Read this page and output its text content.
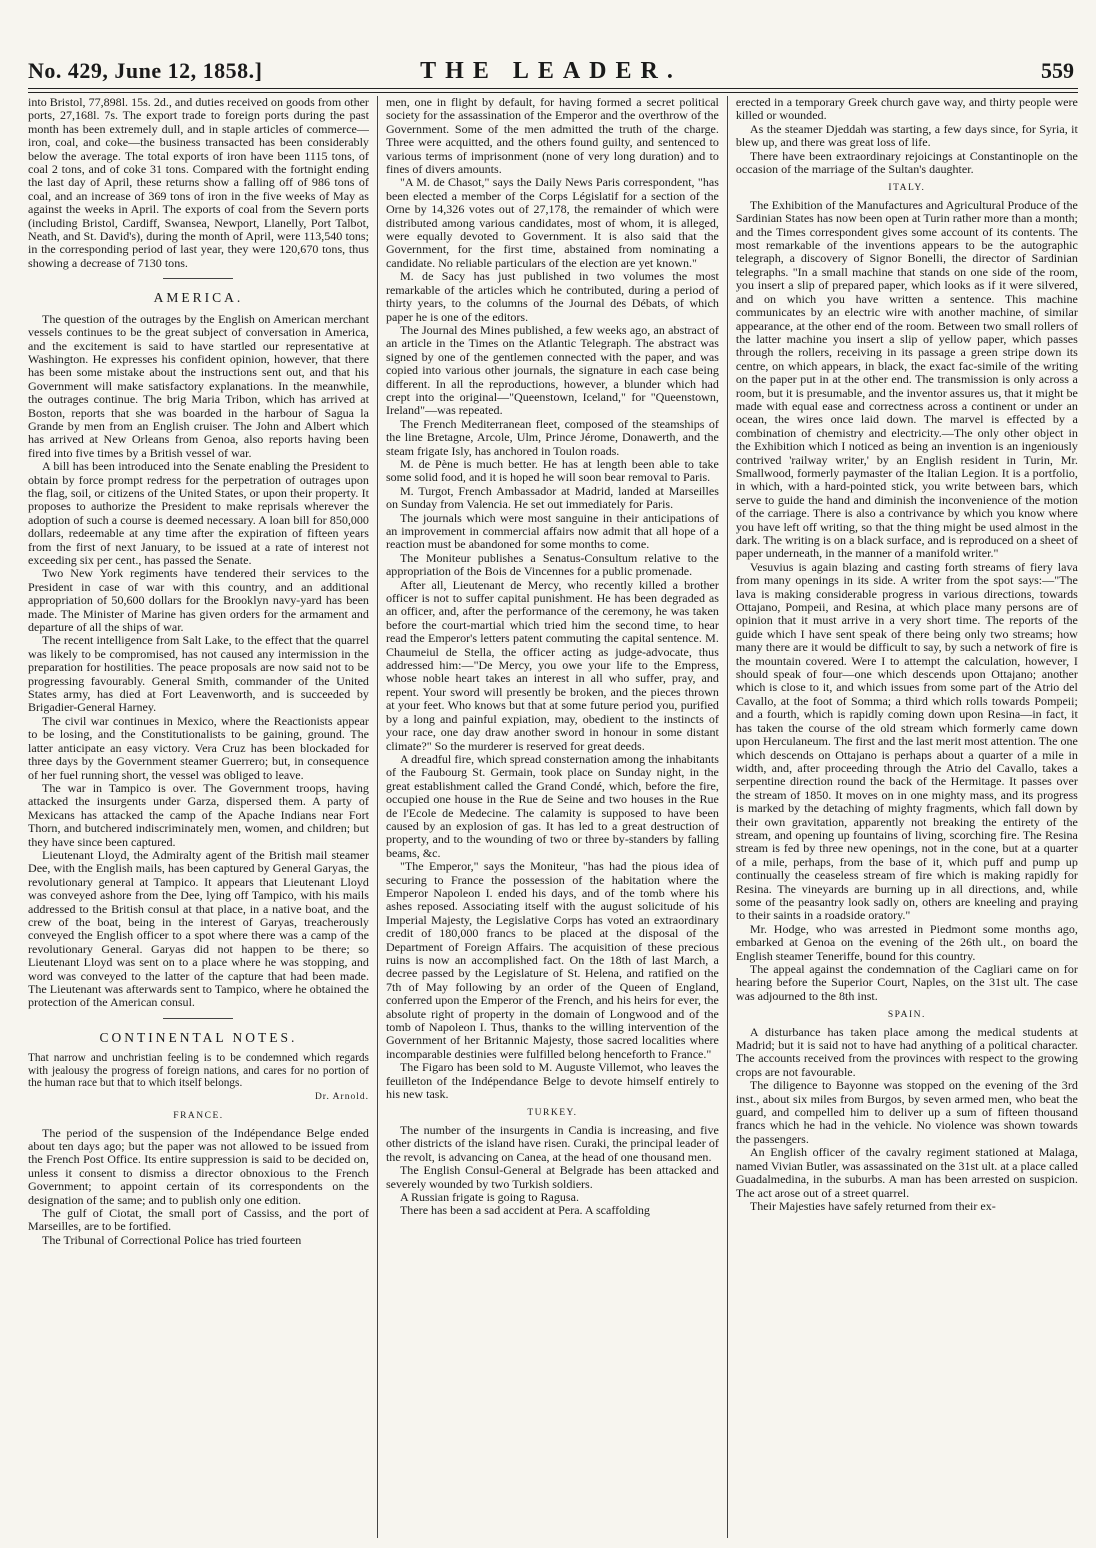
No. 429, June 12, 1858.]	THE LEADER.	559

into Bristol, 77,898l. 15s. 2d., and duties received on goods from other ports, 27,168l. 7s. The export trade to foreign ports during the past month has been extremely dull, and in staple articles of commerce—iron, coal, and coke—the business transacted has been considerably below the average. The total exports of iron have been 1115 tons, of coal 2 tons, and of coke 31 tons. Compared with the fortnight ending the last day of April, these returns show a falling off of 986 tons of coal, and an increase of 369 tons of iron in the five weeks of May as against the weeks in April. The exports of coal from the Severn ports (including Bristol, Cardiff, Swansea, Newport, Llanelly, Port Talbot, Neath, and St. David's), during the month of April, were 113,540 tons; in the corresponding period of last year, they were 120,670 tons, thus showing a decrease of 7130 tons.

AMERICA.

The question of the outrages by the English on American merchant vessels continues to be the great subject of conversation in America, and the excitement is said to have startled our representative at Washington. He expresses his confident opinion, however, that there has been some mistake about the instructions sent out, and that his Government will make satisfactory explanations. In the meanwhile, the outrages continue. The brig Maria Tribon, which has arrived at Boston, reports that she was boarded in the harbour of Sagua la Grande by men from an English cruiser. The John and Albert which has arrived at New Orleans from Genoa, also reports having been fired into five times by a British vessel of war.

A bill has been introduced into the Senate enabling the President to obtain by force prompt redress for the perpetration of outrages upon the flag, soil, or citizens of the United States, or upon their property. It proposes to authorize the President to make reprisals wherever the adoption of such a course is deemed necessary. A loan bill for 850,000 dollars, redeemable at any time after the expiration of fifteen years from the first of next January, to be issued at a rate of interest not exceeding six per cent., has passed the Senate.

Two New York regiments have tendered their services to the President in case of war with this country, and an additional appropriation of 50,600 dollars for the Brooklyn navy-yard has been made. The Minister of Marine has given orders for the armament and departure of all the ships of war.

The recent intelligence from Salt Lake, to the effect that the quarrel was likely to be compromised, has not caused any intermission in the preparation for hostilities. The peace proposals are now said not to be progressing favourably. General Smith, commander of the United States army, has died at Fort Leavenworth, and is succeeded by Brigadier-General Harney.

The civil war continues in Mexico, where the Reactionists appear to be losing, and the Constitutionalists to be gaining, ground. The latter anticipate an easy victory. Vera Cruz has been blockaded for three days by the Government steamer Guerrero; but, in consequence of her fuel running short, the vessel was obliged to leave.

The war in Tampico is over. The Government troops, having attacked the insurgents under Garza, dispersed them. A party of Mexicans has attacked the camp of the Apache Indians near Fort Thorn, and butchered indiscriminately men, women, and children; but they have since been captured.

Lieutenant Lloyd, the Admiralty agent of the British mail steamer Dee, with the English mails, has been captured by General Garyas, the revolutionary general at Tampico. It appears that Lieutenant Lloyd was conveyed ashore from the Dee, lying off Tampico, with his mails addressed to the British consul at that place, in a native boat, and the crew of the boat, being in the interest of Garyas, treacherously conveyed the English officer to a spot where there was a camp of the revolutionary General. Garyas did not happen to be there; so Lieutenant Lloyd was sent on to a place where he was stopping, and word was conveyed to the latter of the capture that had been made. The Lieutenant was afterwards sent to Tampico, where he obtained the protection of the American consul.

CONTINENTAL NOTES.

That narrow and unchristian feeling is to be condemned which regards with jealousy the progress of foreign nations, and cares for no portion of the human race but that to which itself belongs.

Dr. Arnold.
FRANCE.

The period of the suspension of the Indépendance Belge ended about ten days ago; but the paper was not allowed to be issued from the French Post Office. Its entire suppression is said to be decided on, unless it consent to dismiss a director obnoxious to the French Government; to appoint certain of its correspondents on the designation of the same; and to publish only one edition.

The gulf of Ciotat, the small port of Cassiss, and the port of Marseilles, are to be fortified.

The Tribunal of Correctional Police has tried fourteen

men, one in flight by default, for having formed a secret political society for the assassination of the Emperor and the overthrow of the Government. Some of the men admitted the truth of the charge. Three were acquitted, and the others found guilty, and sentenced to various terms of imprisonment (none of very long duration) and to fines of divers amounts.

"A M. de Chasot," says the Daily News Paris correspondent, "has been elected a member of the Corps Législatif for a section of the Orne by 14,326 votes out of 27,178, the remainder of which were distributed among various candidates, most of whom, it is alleged, were equally devoted to Government. It is also said that the Government, for the first time, abstained from nominating a candidate. No reliable particulars of the election are yet known."

M. de Sacy has just published in two volumes the most remarkable of the articles which he contributed, during a period of thirty years, to the columns of the Journal des Débats, of which paper he is one of the editors.

The Journal des Mines published, a few weeks ago, an abstract of an article in the Times on the Atlantic Telegraph. The abstract was signed by one of the gentlemen connected with the paper, and was copied into various other journals, the signature in each case being different. In all the reproductions, however, a blunder which had crept into the original—"Queenstown, Iceland," for "Queenstown, Ireland"—was repeated.

The French Mediterranean fleet, composed of the steamships of the line Bretagne, Arcole, Ulm, Prince Jérome, Donawerth, and the steam frigate Isly, has anchored in Toulon roads.

M. de Pène is much better. He has at length been able to take some solid food, and it is hoped he will soon bear removal to Paris.

M. Turgot, French Ambassador at Madrid, landed at Marseilles on Sunday from Valencia. He set out immediately for Paris.

The journals which were most sanguine in their anticipations of an improvement in commercial affairs now admit that all hope of a reaction must be abandoned for some months to come.

The Moniteur publishes a Senatus-Consultum relative to the appropriation of the Bois de Vincennes for a public promenade.

After all, Lieutenant de Mercy, who recently killed a brother officer is not to suffer capital punishment. He has been degraded as an officer, and, after the performance of the ceremony, he was taken before the court-martial which tried him the second time, to hear read the Emperor's letters patent commuting the capital sentence. M. Chaumeiul de Stella, the officer acting as judge-advocate, thus addressed him:—"De Mercy, you owe your life to the Empress, whose noble heart takes an interest in all who suffer, pray, and repent. Your sword will presently be broken, and the pieces thrown at your feet. Who knows but that at some future period you, purified by a long and painful expiation, may, obedient to the instincts of your race, one day draw another sword in honour in some distant climate?" So the murderer is reserved for great deeds.

A dreadful fire, which spread consternation among the inhabitants of the Faubourg St. Germain, took place on Sunday night, in the great establishment called the Grand Condé, which, before the fire, occupied one house in the Rue de Seine and two houses in the Rue de l'Ecole de Medecine. The calamity is supposed to have been caused by an explosion of gas. It has led to a great destruction of property, and to the wounding of two or three by-standers by falling beams, &c.

"The Emperor," says the Moniteur, "has had the pious idea of securing to France the possession of the habitation where the Emperor Napoleon I. ended his days, and of the tomb where his ashes reposed. Associating itself with the august solicitude of his Imperial Majesty, the Legislative Corps has voted an extraordinary credit of 180,000 francs to be placed at the disposal of the Department of Foreign Affairs. The acquisition of these precious ruins is now an accomplished fact. On the 18th of last March, a decree passed by the Legislature of St. Helena, and ratified on the 7th of May following by an order of the Queen of England, conferred upon the Emperor of the French, and his heirs for ever, the absolute right of property in the domain of Longwood and of the tomb of Napoleon I. Thus, thanks to the willing intervention of the Government of her Britannic Majesty, those sacred localities where incomparable destinies were fulfilled belong henceforth to France."

The Figaro has been sold to M. Auguste Villemot, who leaves the feuilleton of the Indépendance Belge to devote himself entirely to his new task.

TURKEY.

The number of the insurgents in Candia is increasing, and five other districts of the island have risen. Curaki, the principal leader of the revolt, is advancing on Canea, at the head of one thousand men.

The English Consul-General at Belgrade has been attacked and severely wounded by two Turkish soldiers.

A Russian frigate is going to Ragusa.

There has been a sad accident at Pera. A scaffolding

erected in a temporary Greek church gave way, and thirty people were killed or wounded.

As the steamer Djeddah was starting, a few days since, for Syria, it blew up, and there was great loss of life.

There have been extraordinary rejoicings at Constantinople on the occasion of the marriage of the Sultan's daughter.

ITALY.

The Exhibition of the Manufactures and Agricultural Produce of the Sardinian States has now been open at Turin rather more than a month; and the Times correspondent gives some account of its contents. The most remarkable of the inventions appears to be the autographic telegraph, a discovery of Signor Bonelli, the director of Sardinian telegraphs. "In a small machine that stands on one side of the room, you insert a slip of prepared paper, which looks as if it were silvered, and on which you have written a sentence. This machine communicates by an electric wire with another machine, of similar appearance, at the other end of the room. Between two small rollers of the latter machine you insert a slip of yellow paper, which passes through the rollers, receiving in its passage a green stripe down its centre, on which appears, in black, the exact fac-simile of the writing on the paper put in at the other end. The transmission is only across a room, but it is presumable, and the inventor assures us, that it might be made with equal ease and correctness across a continent or under an ocean, the wires once laid down. The marvel is effected by a combination of chemistry and electricity.—The only other object in the Exhibition which I noticed as being an invention is an ingeniously contrived 'railway writer,' by an English resident in Turin, Mr. Smallwood, formerly paymaster of the Italian Legion. It is a portfolio, in which, with a hard-pointed stick, you write between bars, which serve to guide the hand and diminish the inconvenience of the motion of the carriage. There is also a contrivance by which you know where you have left off writing, so that the thing might be used almost in the dark. The writing is on a black surface, and is reproduced on a sheet of paper underneath, in the manner of a manifold writer."

Vesuvius is again blazing and casting forth streams of fiery lava from many openings in its side. A writer from the spot says:—"The lava is making considerable progress in various directions, towards Ottajano, Pompeii, and Resina, at which place many persons are of opinion that it must arrive in a very short time. The reports of the guide which I have sent speak of there being only two streams; how many there are it would be difficult to say, by such a network of fire is the mountain covered. Were I to attempt the calculation, however, I should speak of four—one which descends upon Ottajano; another which is close to it, and which issues from some part of the Atrio del Cavallo, at the foot of Somma; a third which rolls towards Pompeii; and a fourth, which is rapidly coming down upon Resina—in fact, it has taken the course of the old stream which formerly came down upon Herculaneum. The first and the last merit most attention. The one which descends on Ottajano is perhaps about a quarter of a mile in width, and, after proceeding through the Atrio del Cavallo, takes a serpentine direction round the back of the Hermitage. It passes over the stream of 1850. It moves on in one mighty mass, and its progress is marked by the detaching of mighty fragments, which fall down by their own gravitation, apparently not breaking the entirety of the stream, and opening up fountains of living, scorching fire. The Resina stream is fed by three new openings, not in the cone, but at a quarter of a mile, perhaps, from the base of it, which puff and pump up continually the ceaseless stream of fire which is making rapidly for Resina. The vineyards are burning up in all directions, and, while some of the peasantry look sadly on, others are kneeling and praying to their saints in a roadside oratory."

Mr. Hodge, who was arrested in Piedmont some months ago, embarked at Genoa on the evening of the 26th ult., on board the English steamer Teneriffe, bound for this country.

The appeal against the condemnation of the Cagliari came on for hearing before the Superior Court, Naples, on the 31st ult. The case was adjourned to the 8th inst.

SPAIN.

A disturbance has taken place among the medical students at Madrid; but it is said not to have had anything of a political character. The accounts received from the provinces with respect to the growing crops are not favourable.

The diligence to Bayonne was stopped on the evening of the 3rd inst., about six miles from Burgos, by seven armed men, who beat the guard, and compelled him to deliver up a sum of fifteen thousand francs which he had in the vehicle. No violence was shown towards the passengers.

An English officer of the cavalry regiment stationed at Malaga, named Vivian Butler, was assassinated on the 31st ult. at a place called Guadalmedina, in the suburbs. A man has been arrested on suspicion. The act arose out of a street quarrel.

Their Majesties have safely returned from their ex-
